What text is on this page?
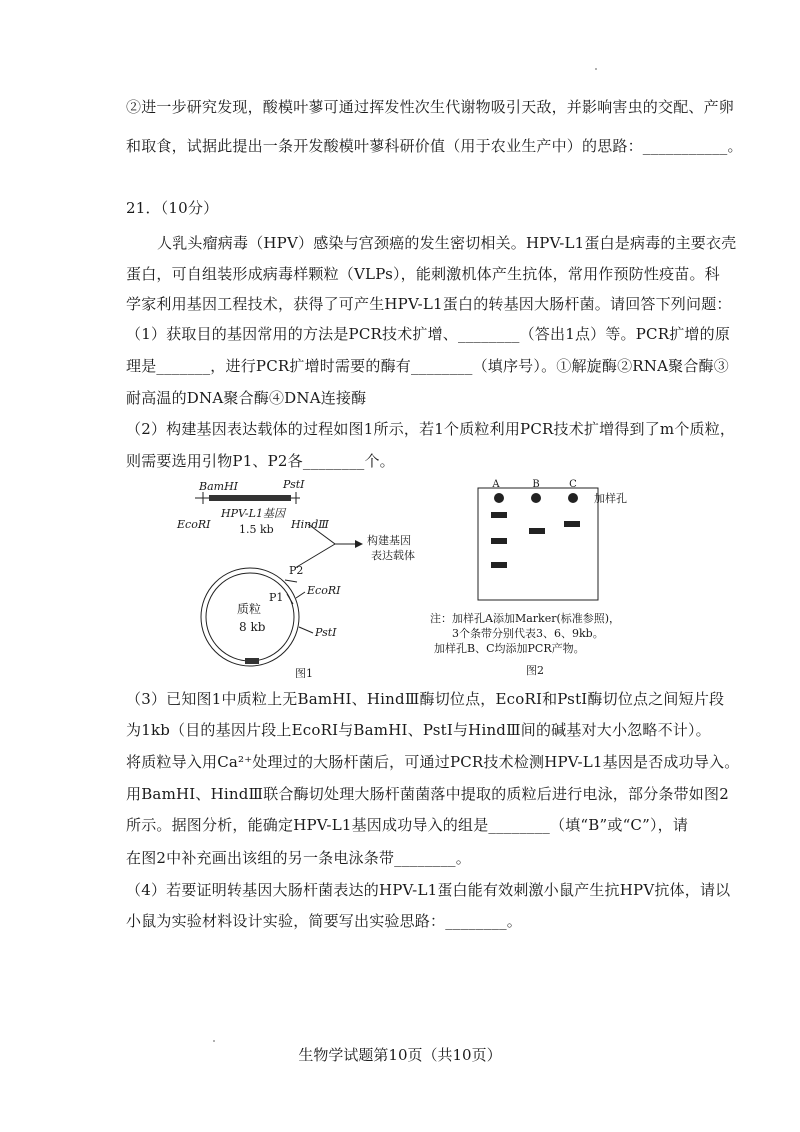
②进一步研究发现，酸模叶蓼可通过挥发性次生代谢物吸引天敌，并影响害虫的交配、产卵
和取食，试据此提出一条开发酸模叶蓼科研价值（用于农业生产中）的思路：___________。
21．（10分）
人乳头瘤病毒（HPV）感染与宫颈癌的发生密切相关。HPV-L1蛋白是病毒的主要衣壳
蛋白，可自组装形成病毒样颗粒（VLPs），能刺激机体产生抗体，常用作预防性疫苗。科
学家利用基因工程技术，获得了可产生HPV-L1蛋白的转基因大肠杆菌。请回答下列问题：
（1）获取目的基因常用的方法是PCR技术扩增、________（答出1点）等。PCR扩增的原
理是_______，进行PCR扩增时需要的酶有________（填序号）。①解旋酶②RNA聚合酶③
耐高温的DNA聚合酶④DNA连接酶
（2）构建基因表达载体的过程如图1所示，若1个质粒利用PCR技术扩增得到了m个质粒，
则需要选用引物P1、P2各________个。
BamHⅠ	PstⅠ
HPV-L1基因
EcoRⅠ	HindⅢ
1.5 kb
构建基因
表达载体
P2
P1
EcoRⅠ
质粒
8 kb	PstⅠ
图1
A	B	C
加样孔
注：加样孔A添加Marker(标准参照)，
3个条带分别代表3、6、9kb。
加样孔B、C均添加PCR产物。
图2
（3）已知图1中质粒上无BamHⅠ、HindⅢ酶切位点，EcoRⅠ和PstⅠ酶切位点之间短片段
为1kb（目的基因片段上EcoRⅠ与BamHⅠ、PstⅠ与HindⅢ间的碱基对大小忽略不计）。
将质粒导入用Ca²⁺处理过的大肠杆菌后，可通过PCR技术检测HPV-L1基因是否成功导入。
用BamHⅠ、HindⅢ联合酶切处理大肠杆菌菌落中提取的质粒后进行电泳，部分条带如图2
所示。据图分析，能确定HPV-L1基因成功导入的组是________（填“B”或“C”），请
在图2中补充画出该组的另一条电泳条带________。
（4）若要证明转基因大肠杆菌表达的HPV-L1蛋白能有效刺激小鼠产生抗HPV抗体，请以
小鼠为实验材料设计实验，简要写出实验思路：________。
生物学试题第10页（共10页）
